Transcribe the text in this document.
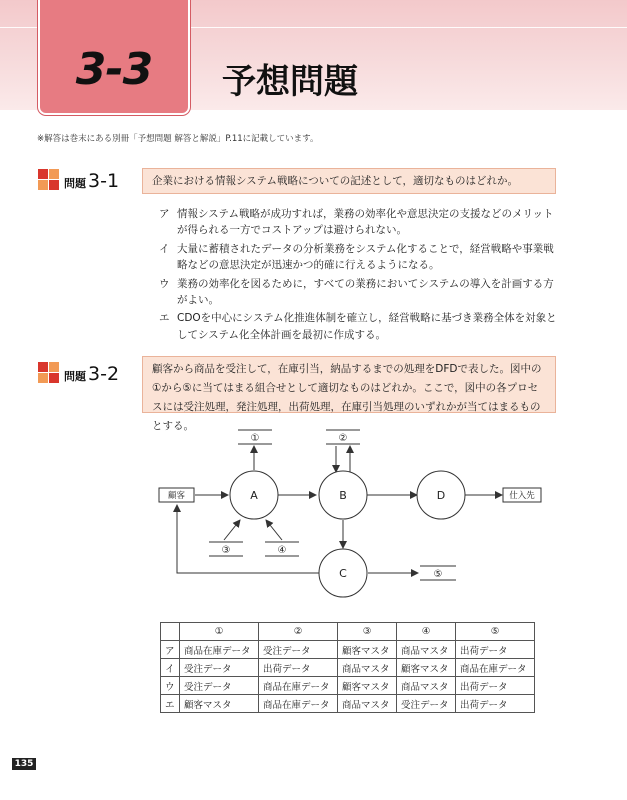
3-3	予想問題
※解答は巻末にある別冊「予想問題 解答と解説」P.11に記載しています。
問題 3-1	企業における情報システム戦略についての記述として，適切なものはどれか。
ア 情報システム戦略が成功すれば，業務の効率化や意思決定の支援などのメリットが得られる一方でコストアップは避けられない。
イ 大量に蓄積されたデータの分析業務をシステム化することで，経営戦略や事業戦略などの意思決定が迅速かつ的確に行えるようになる。
ウ 業務の効率化を図るために，すべての業務においてシステムの導入を計画する方がよい。
エ CDOを中心にシステム化推進体制を確立し，経営戦略に基づき業務全体を対象としてシステム化全体計画を最初に作成する。
問題 3-2	顧客から商品を受注して，在庫引当，納品するまでの処理をDFDで表した。図中の①から⑤に当てはまる組合せとして適切なものはどれか。ここで，図中の各プロセスには受注処理，発注処理，出荷処理，在庫引当処理のいずれかが当てはまるものとする。
A	B
C
D
顧客	仕入先
①	②
③	④
⑤
	①	②	③	④	⑤
ア	商品在庫データ	受注データ	顧客マスタ	商品マスタ	出荷データ
イ	受注データ	出荷データ	商品マスタ	顧客マスタ	商品在庫データ
ウ	受注データ	商品在庫データ	顧客マスタ	商品マスタ	出荷データ
エ	顧客マスタ	商品在庫データ	商品マスタ	受注データ	出荷データ
135
